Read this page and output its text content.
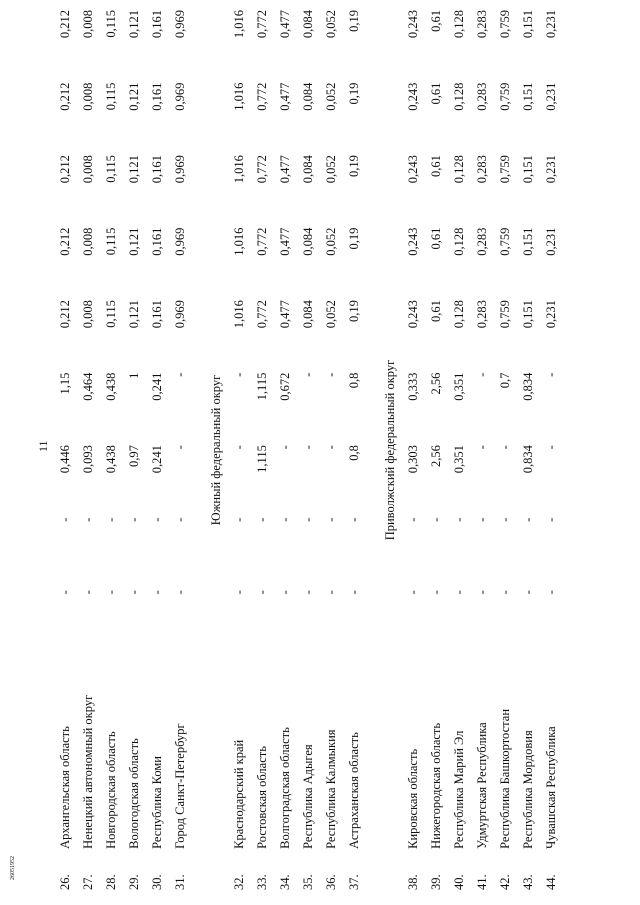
11
26051952
26.	Архангельская область	-	-	0,446	1,15	0,212	0,212	0,212	0,212	0,212
27.	Ненецкий автономный округ	-	-	0,093	0,464	0,008	0,008	0,008	0,008	0,008
28.	Новгородская область	-	-	0,438	0,438	0,115	0,115	0,115	0,115	0,115
29.	Вологодская область	-	-	0,97	1	0,121	0,121	0,121	0,121	0,121
30.	Республика Коми	-	-	0,241	0,241	0,161	0,161	0,161	0,161	0,161
31.	Город Санкт-Петербург	-	-	-	-	0,969	0,969	0,969	0,969	0,969

Южный федеральный округ										
32.	Краснодарский край	-	-	-	-	1,016	1,016	1,016	1,016	1,016
33.	Ростовская область	-	-	1,115	1,115	0,772	0,772	0,772	0,772	0,772
34.	Волгоградская область	-	-	-	0,672	0,477	0,477	0,477	0,477	0,477
35.	Республика Адыгея	-	-	-	-	0,084	0,084	0,084	0,084	0,084
36.	Республика Калмыкия	-	-	-	-	0,052	0,052	0,052	0,052	0,052
37.	Астраханская область	-	-	0,8	0,8	0,19	0,19	0,19	0,19	0,19

Приволжский федеральный округ										
38.	Кировская область	-	-	0,303	0,333	0,243	0,243	0,243	0,243	0,243
39.	Нижегородская область	-	-	2,56	2,56	0,61	0,61	0,61	0,61	0,61
40.	Республика Марий Эл	-	-	0,351	0,351	0,128	0,128	0,128	0,128	0,128
41.	Удмуртская Республика	-	-	-	-	0,283	0,283	0,283	0,283	0,283
42.	Республика Башкортостан	-	-	-	0,7	0,759	0,759	0,759	0,759	0,759
43.	Республика Мордовия	-	-	0,834	0,834	0,151	0,151	0,151	0,151	0,151
44.	Чувашская Республика	-	-	-	-	0,231	0,231	0,231	0,231	0,231
